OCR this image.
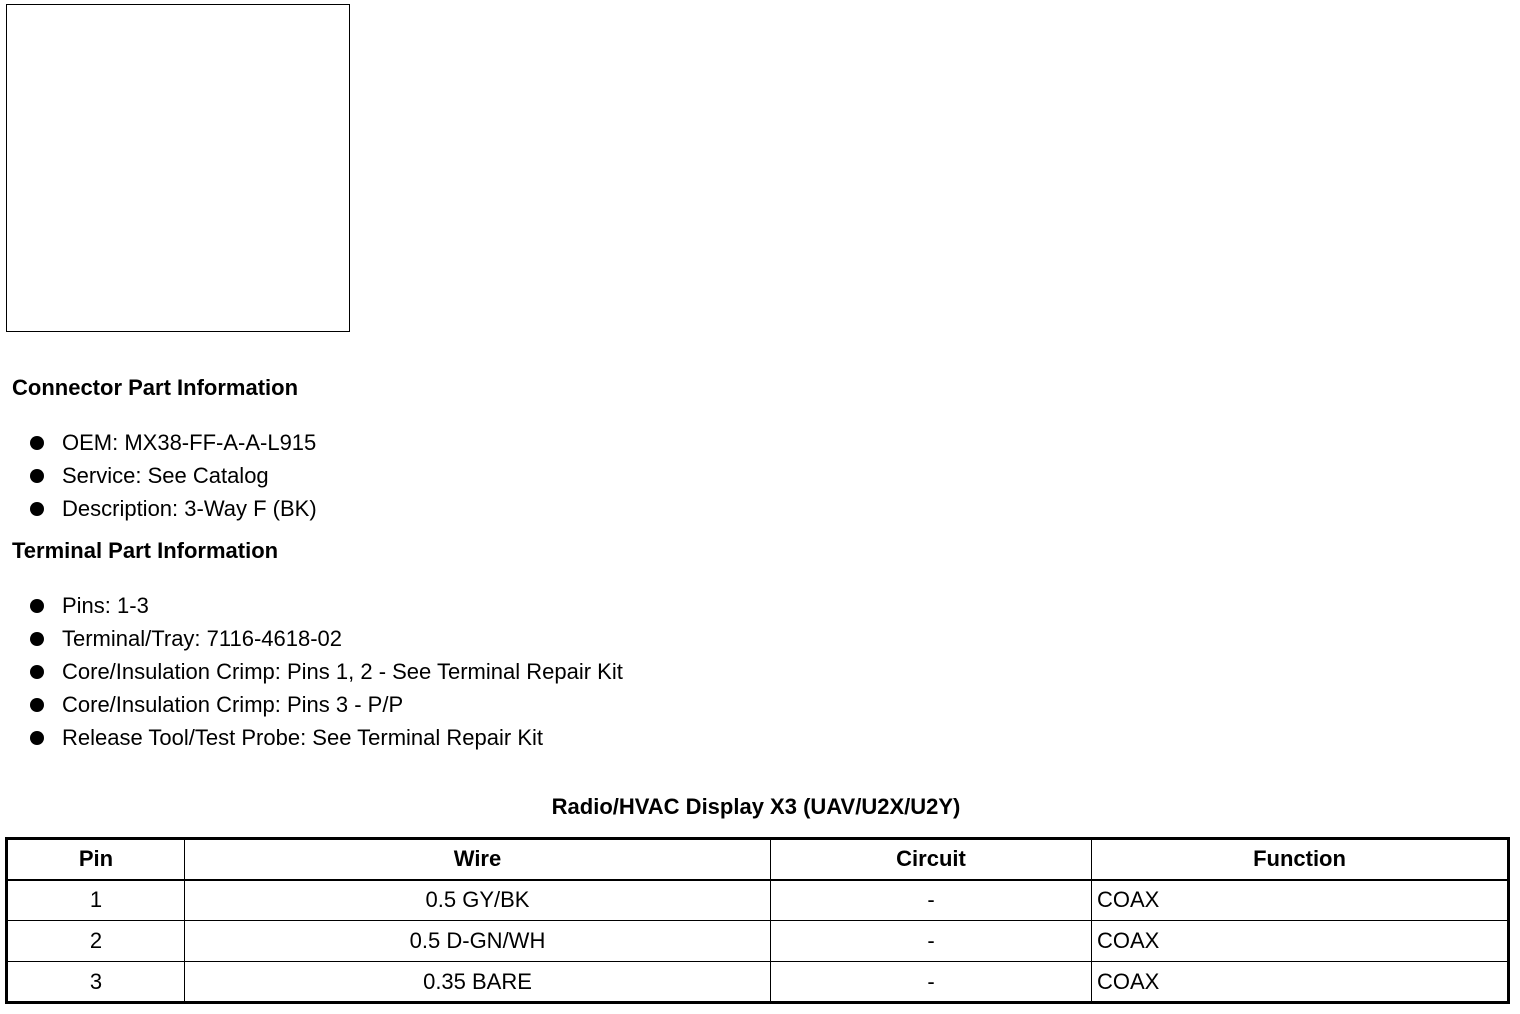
Connector Part Information
OEM: MX38-FF-A-A-L915
Service: See Catalog
Description: 3-Way F (BK)
Terminal Part Information
Pins: 1-3
Terminal/Tray: 7116-4618-02
Core/Insulation Crimp: Pins 1, 2 - See Terminal Repair Kit
Core/Insulation Crimp: Pins 3 - P/P
Release Tool/Test Probe: See Terminal Repair Kit
Radio/HVAC Display X3 (UAV/U2X/U2Y)
Pin	Wire	Circuit	Function
1	0.5 GY/BK	-	COAX
2	0.5 D-GN/WH	-	COAX
3	0.35 BARE	-	COAX
